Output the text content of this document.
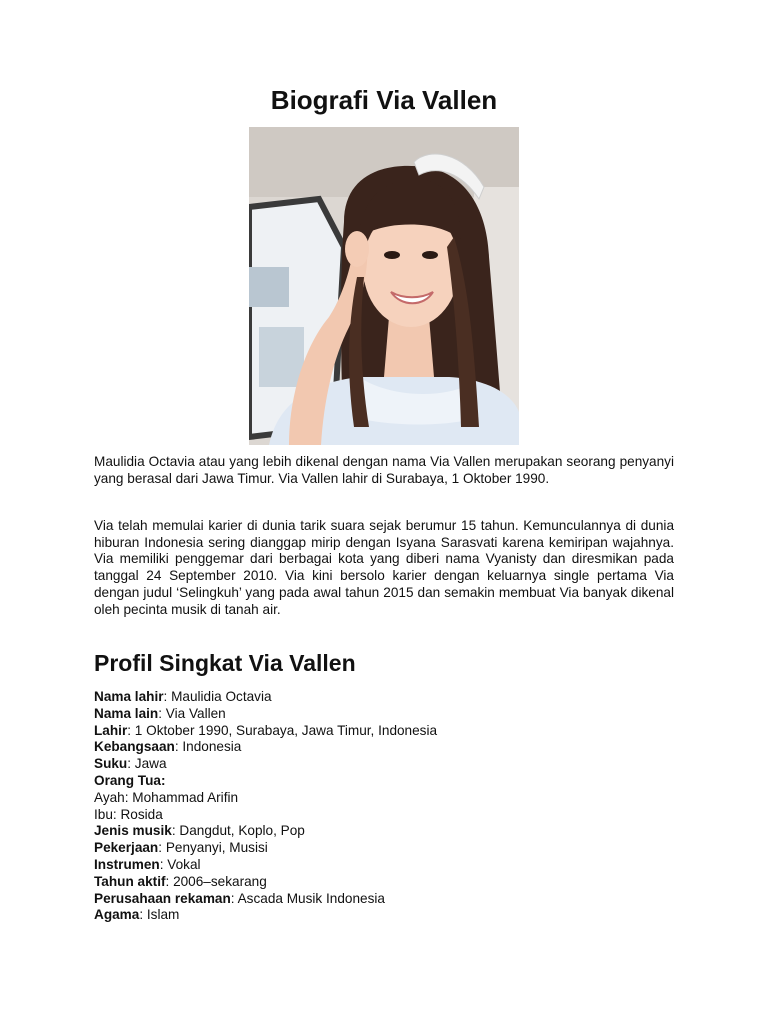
Biografi Via Vallen

Maulidia Octavia atau yang lebih dikenal dengan nama Via Vallen merupakan seorang penyanyi yang berasal dari Jawa Timur. Via Vallen lahir di Surabaya, 1 Oktober 1990.

Via telah memulai karier di dunia tarik suara sejak berumur 15 tahun. Kemunculannya di dunia hiburan Indonesia sering dianggap mirip dengan Isyana Sarasvati karena kemiripan wajahnya. Via memiliki penggemar dari berbagai kota yang diberi nama Vyanisty dan diresmikan pada tanggal 24 September 2010. Via kini bersolo karier dengan keluarnya single pertama Via dengan judul ‘Selingkuh’ yang pada awal tahun 2015 dan semakin membuat Via banyak dikenal oleh pecinta musik di tanah air.

Profil Singkat Via Vallen
Nama lahir: Maulidia Octavia
Nama lain: Via Vallen
Lahir: 1 Oktober 1990, Surabaya, Jawa Timur, Indonesia
Kebangsaan: Indonesia
Suku: Jawa
Orang Tua:
Ayah: Mohammad Arifin
Ibu: Rosida
Jenis musik: Dangdut, Koplo, Pop
Pekerjaan: Penyanyi, Musisi
Instrumen: Vokal
Tahun aktif: 2006–sekarang
Perusahaan rekaman: Ascada Musik Indonesia
Agama: Islam
